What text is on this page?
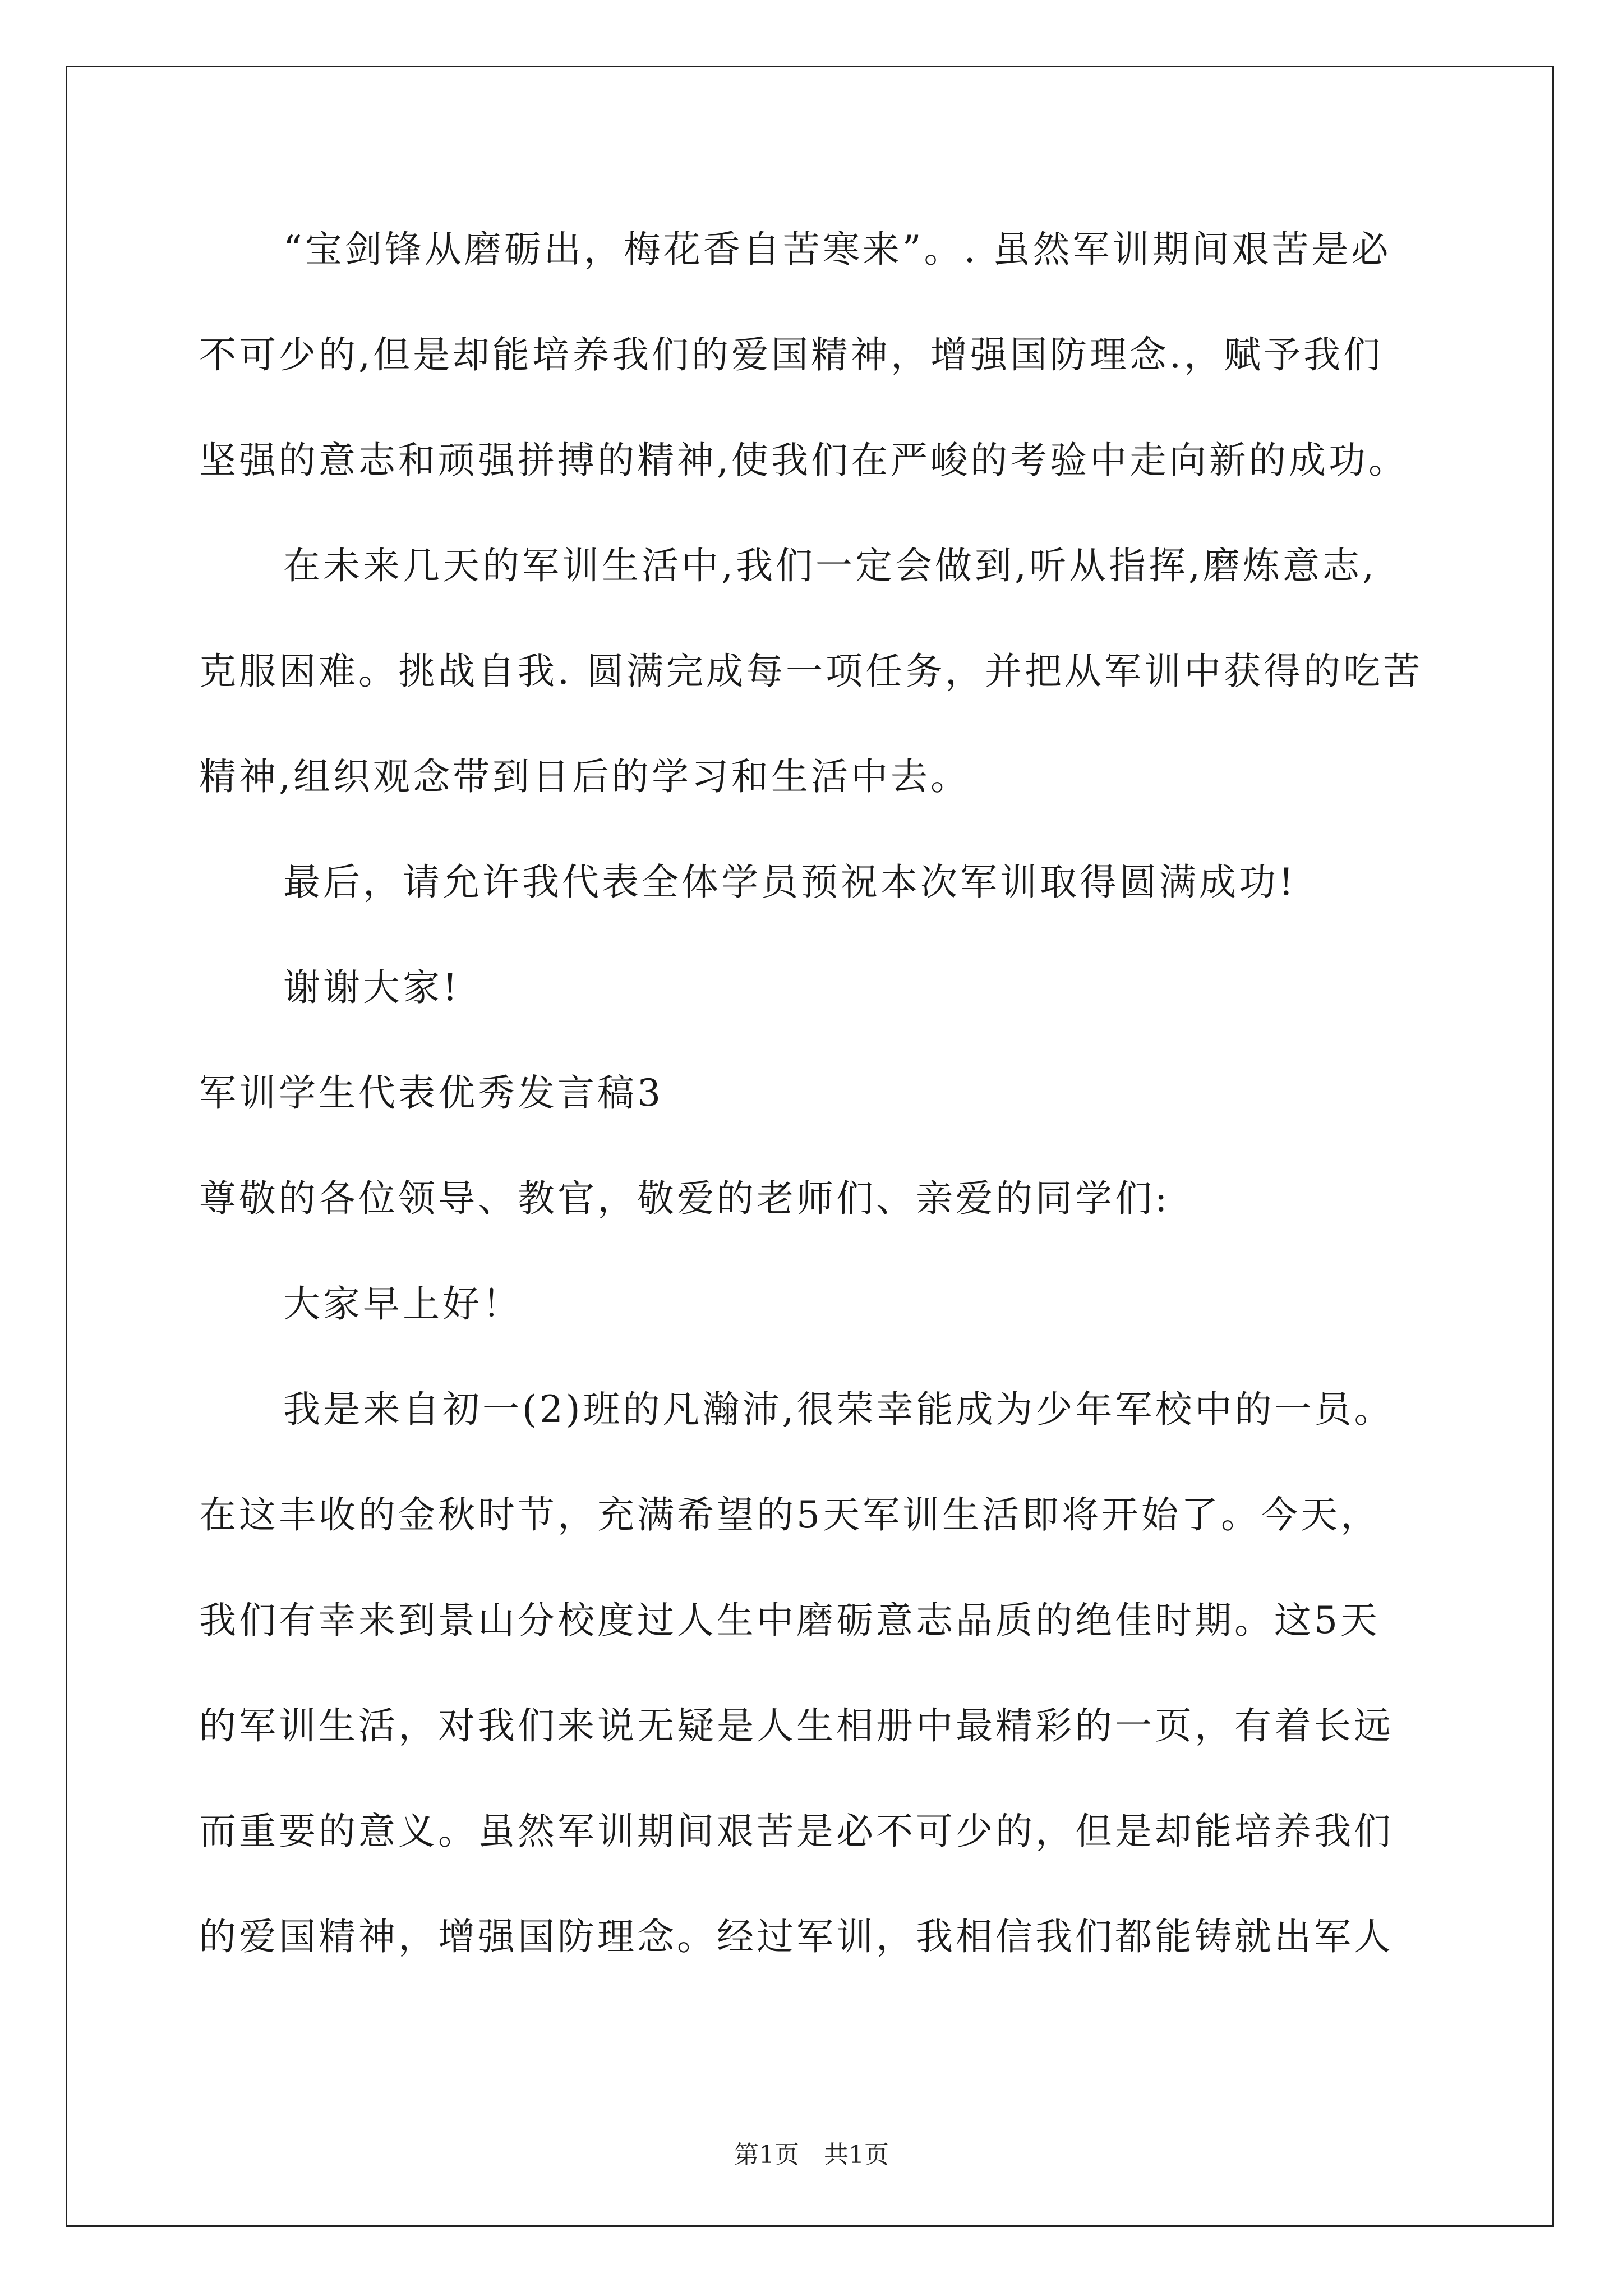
“宝剑锋从磨砺出，梅花香自苦寒来”。. 虽然军训期间艰苦是必
不可少的,但是却能培养我们的爱国精神，增强国防理念.，赋予我们
坚强的意志和顽强拼搏的精神,使我们在严峻的考验中走向新的成功。
在未来几天的军训生活中,我们一定会做到,听从指挥,磨炼意志,
克服困难。挑战自我. 圆满完成每一项任务，并把从军训中获得的吃苦
精神,组织观念带到日后的学习和生活中去。
最后，请允许我代表全体学员预祝本次军训取得圆满成功!
谢谢大家!
军训学生代表优秀发言稿3
尊敬的各位领导、教官，敬爱的老师们、亲爱的同学们:
大家早上好！
我是来自初一(2)班的凡瀚沛,很荣幸能成为少年军校中的一员。
在这丰收的金秋时节，充满希望的5天军训生活即将开始了。今天，
我们有幸来到景山分校度过人生中磨砺意志品质的绝佳时期。这5天
的军训生活，对我们来说无疑是人生相册中最精彩的一页，有着长远
而重要的意义。虽然军训期间艰苦是必不可少的，但是却能培养我们
的爱国精神，增强国防理念。经过军训，我相信我们都能铸就出军人
第1页　共1页
